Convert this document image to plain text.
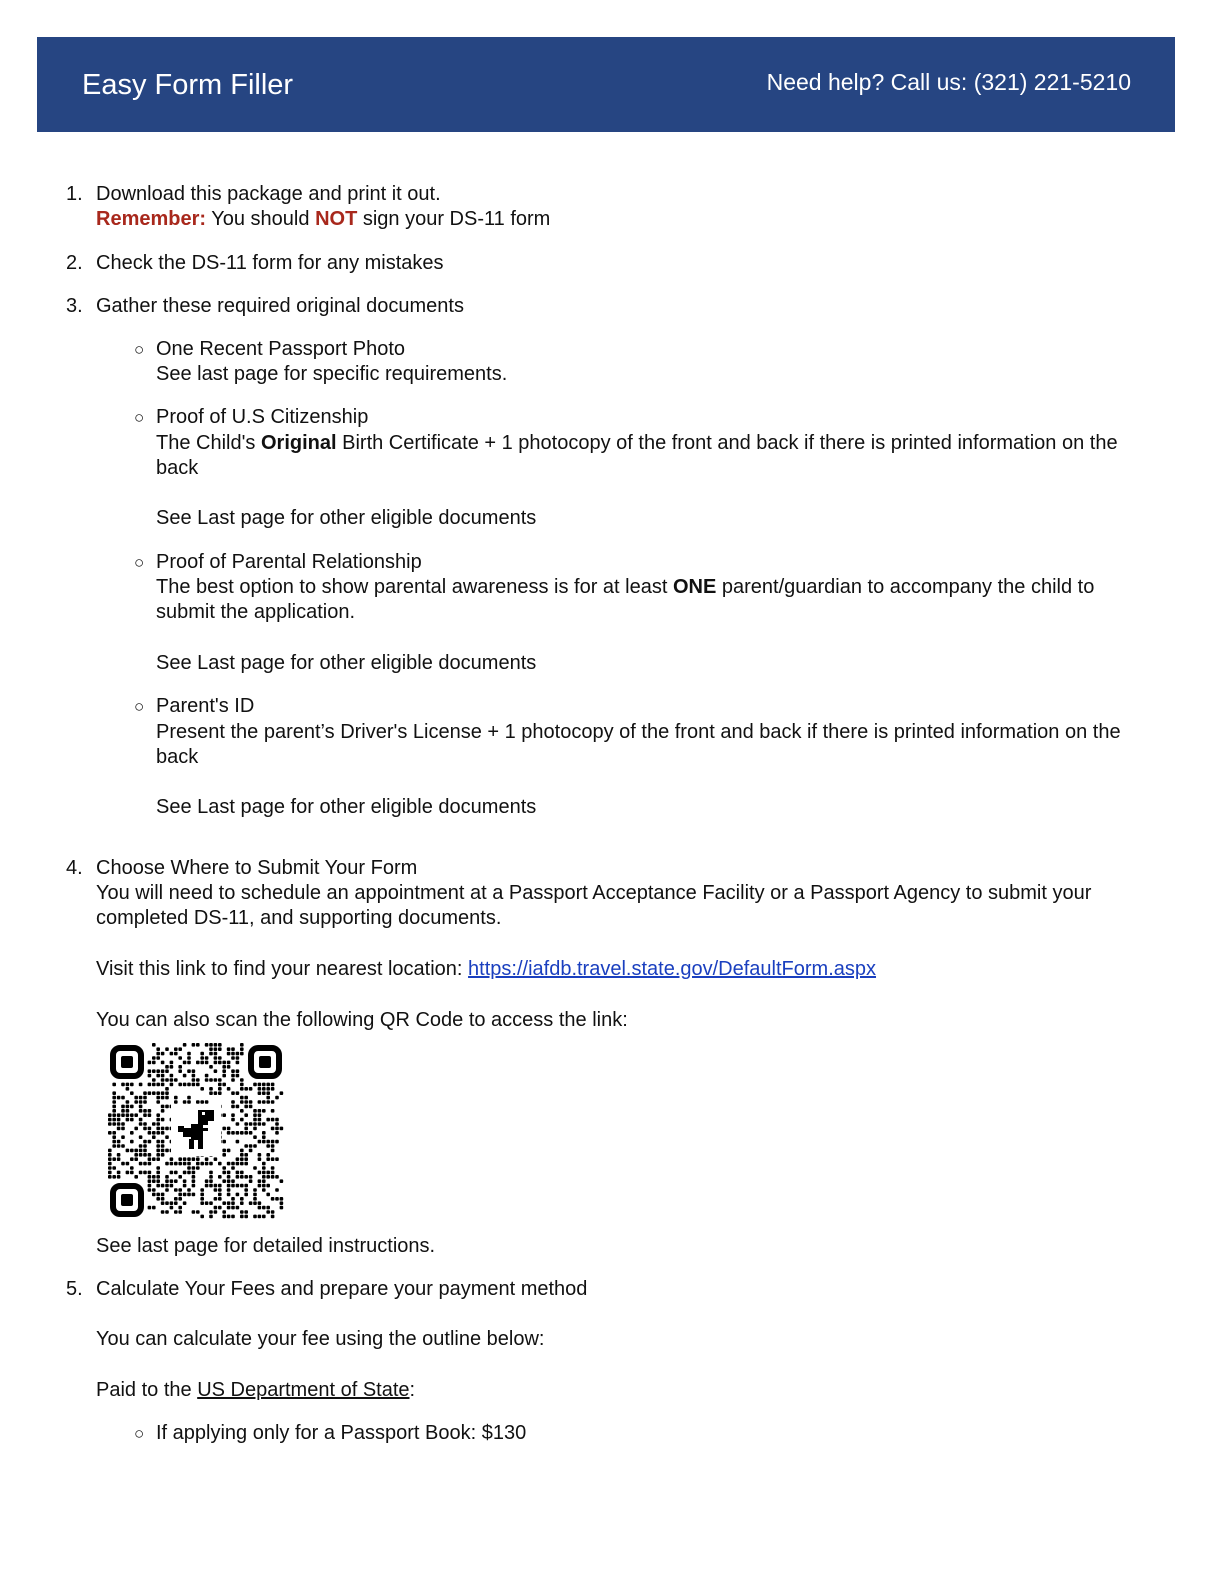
Easy Form Filler	Need help? Call us: (321) 221-5210
1. Download this package and print it out.
Remember: You should NOT sign your DS-11 form
2. Check the DS-11 form for any mistakes
3. Gather these required original documents
○ One Recent Passport Photo
See last page for specific requirements.
○ Proof of U.S Citizenship
The Child's Original Birth Certificate + 1 photocopy of the front and back if there is printed information on the
back
See Last page for other eligible documents
○ Proof of Parental Relationship
The best option to show parental awareness is for at least ONE parent/guardian to accompany the child to
submit the application.
See Last page for other eligible documents
○ Parent's ID
Present the parent’s Driver's License + 1 photocopy of the front and back if there is printed information on the
back
See Last page for other eligible documents
4. Choose Where to Submit Your Form
You will need to schedule an appointment at a Passport Acceptance Facility or a Passport Agency to submit your
completed DS-11, and supporting documents.
Visit this link to find your nearest location: https://iafdb.travel.state.gov/DefaultForm.aspx
You can also scan the following QR Code to access the link:
See last page for detailed instructions.
5. Calculate Your Fees and prepare your payment method
You can calculate your fee using the outline below:
Paid to the US Department of State:
○ If applying only for a Passport Book: $130
